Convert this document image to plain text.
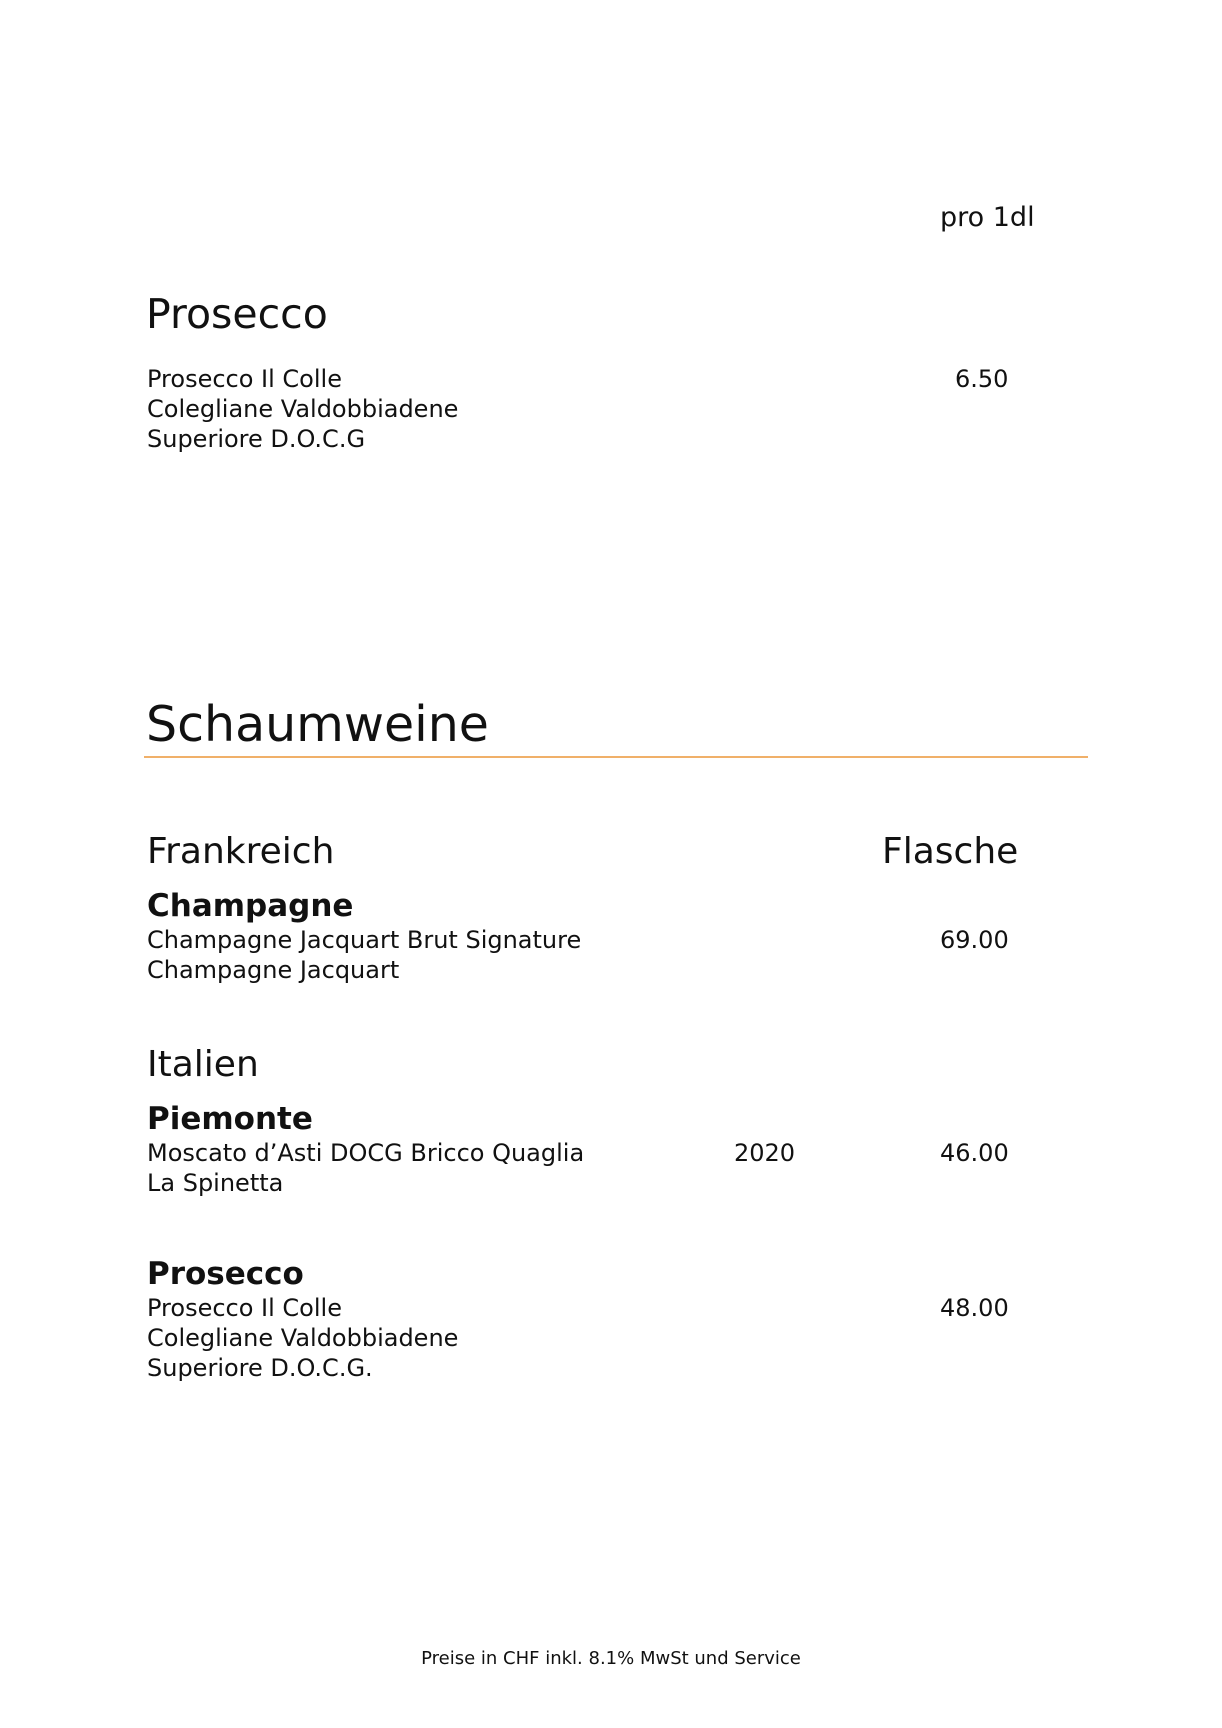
pro 1dl
Prosecco
Prosecco Il Colle
Colegliane Valdobbiadene
Superiore D.O.C.G
6.50
Schaumweine
Frankreich	Flasche
Champagne
Champagne Jacquart Brut Signature
Champagne Jacquart
69.00
Italien
Piemonte
Moscato d’Asti DOCG Bricco Quaglia
La Spinetta
2020	46.00
Prosecco
Prosecco Il Colle
Colegliane Valdobbiadene
Superiore D.O.C.G.
48.00
Preise in CHF inkl. 8.1% MwSt und Service
